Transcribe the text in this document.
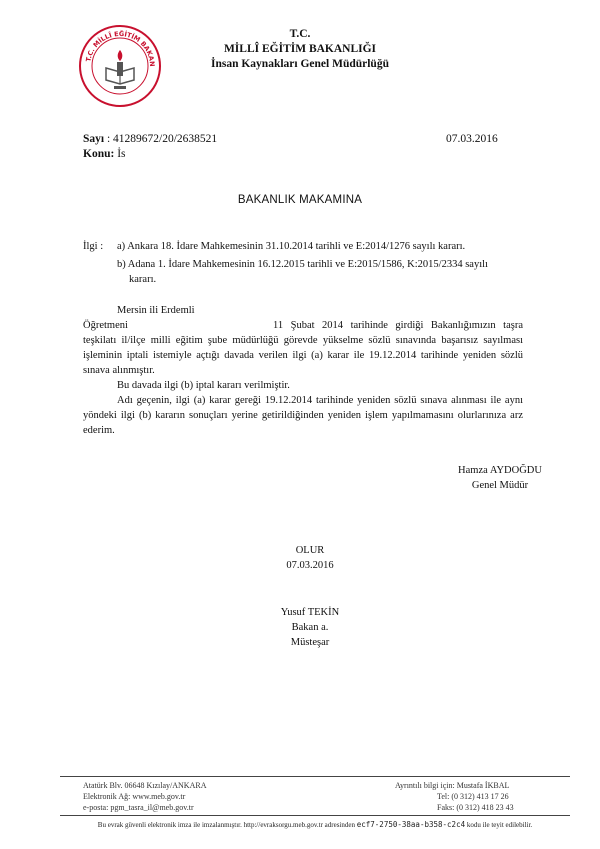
T.C. MİLLÎ EĞİTİM BAKAN
T.C.
MİLLÎ EĞİTİM BAKANLIĞI
İnsan Kaynakları Genel Müdürlüğü
Sayı : 41289672/20/2638521	07.03.2016
Konu: İs
BAKANLIK MAKAMINA
İlgi : a) Ankara 18. İdare Mahkemesinin 31.10.2014 tarihli ve E:2014/1276 sayılı kararı.
b) Adana 1. İdare Mahkemesinin 16.12.2015 tarihli ve E:2015/1586, K:2015/2334 sayılı
kararı.
Mersin ili Erdemli
Öğretmeni	11 Şubat 2014 tarihinde girdiği Bakanlığımızın taşra
teşkilatı il/ilçe milli eğitim şube müdürlüğü görevde yükselme sözlü sınavında başarısız sayılması işleminin iptali istemiyle açtığı davada verilen ilgi (a) karar ile 19.12.2014 tarihinde yeniden sözlü sınava alınmıştır.
Bu davada ilgi (b) iptal kararı verilmiştir.
Adı geçenin, ilgi (a) karar gereği 19.12.2014 tarihinde yeniden sözlü sınava alınması ile aynı yöndeki ilgi (b) kararın sonuçları yerine getirildiğinden yeniden işlem yapılmamasını olurlarınıza arz ederim.
Hamza AYDOĞDU
Genel Müdür
OLUR
07.03.2016
Yusuf TEKİN
Bakan a.
Müsteşar
Atatürk Blv. 06648 Kızılay/ANKARA
Elektronik Ağ: www.meb.gov.tr
e-posta: pgm_tasra_il@meb.gov.tr
Ayrıntılı bilgi için: Mustafa İKBAL
Tel: (0 312) 413 17 26
Faks: (0 312) 418 23 43
Bu evrak güvenli elektronik imza ile imzalanmıştır. http://evraksorgu.meb.gov.tr adresinden ecf7-2750-38aa-b358-c2c4 kodu ile teyit edilebilir.
